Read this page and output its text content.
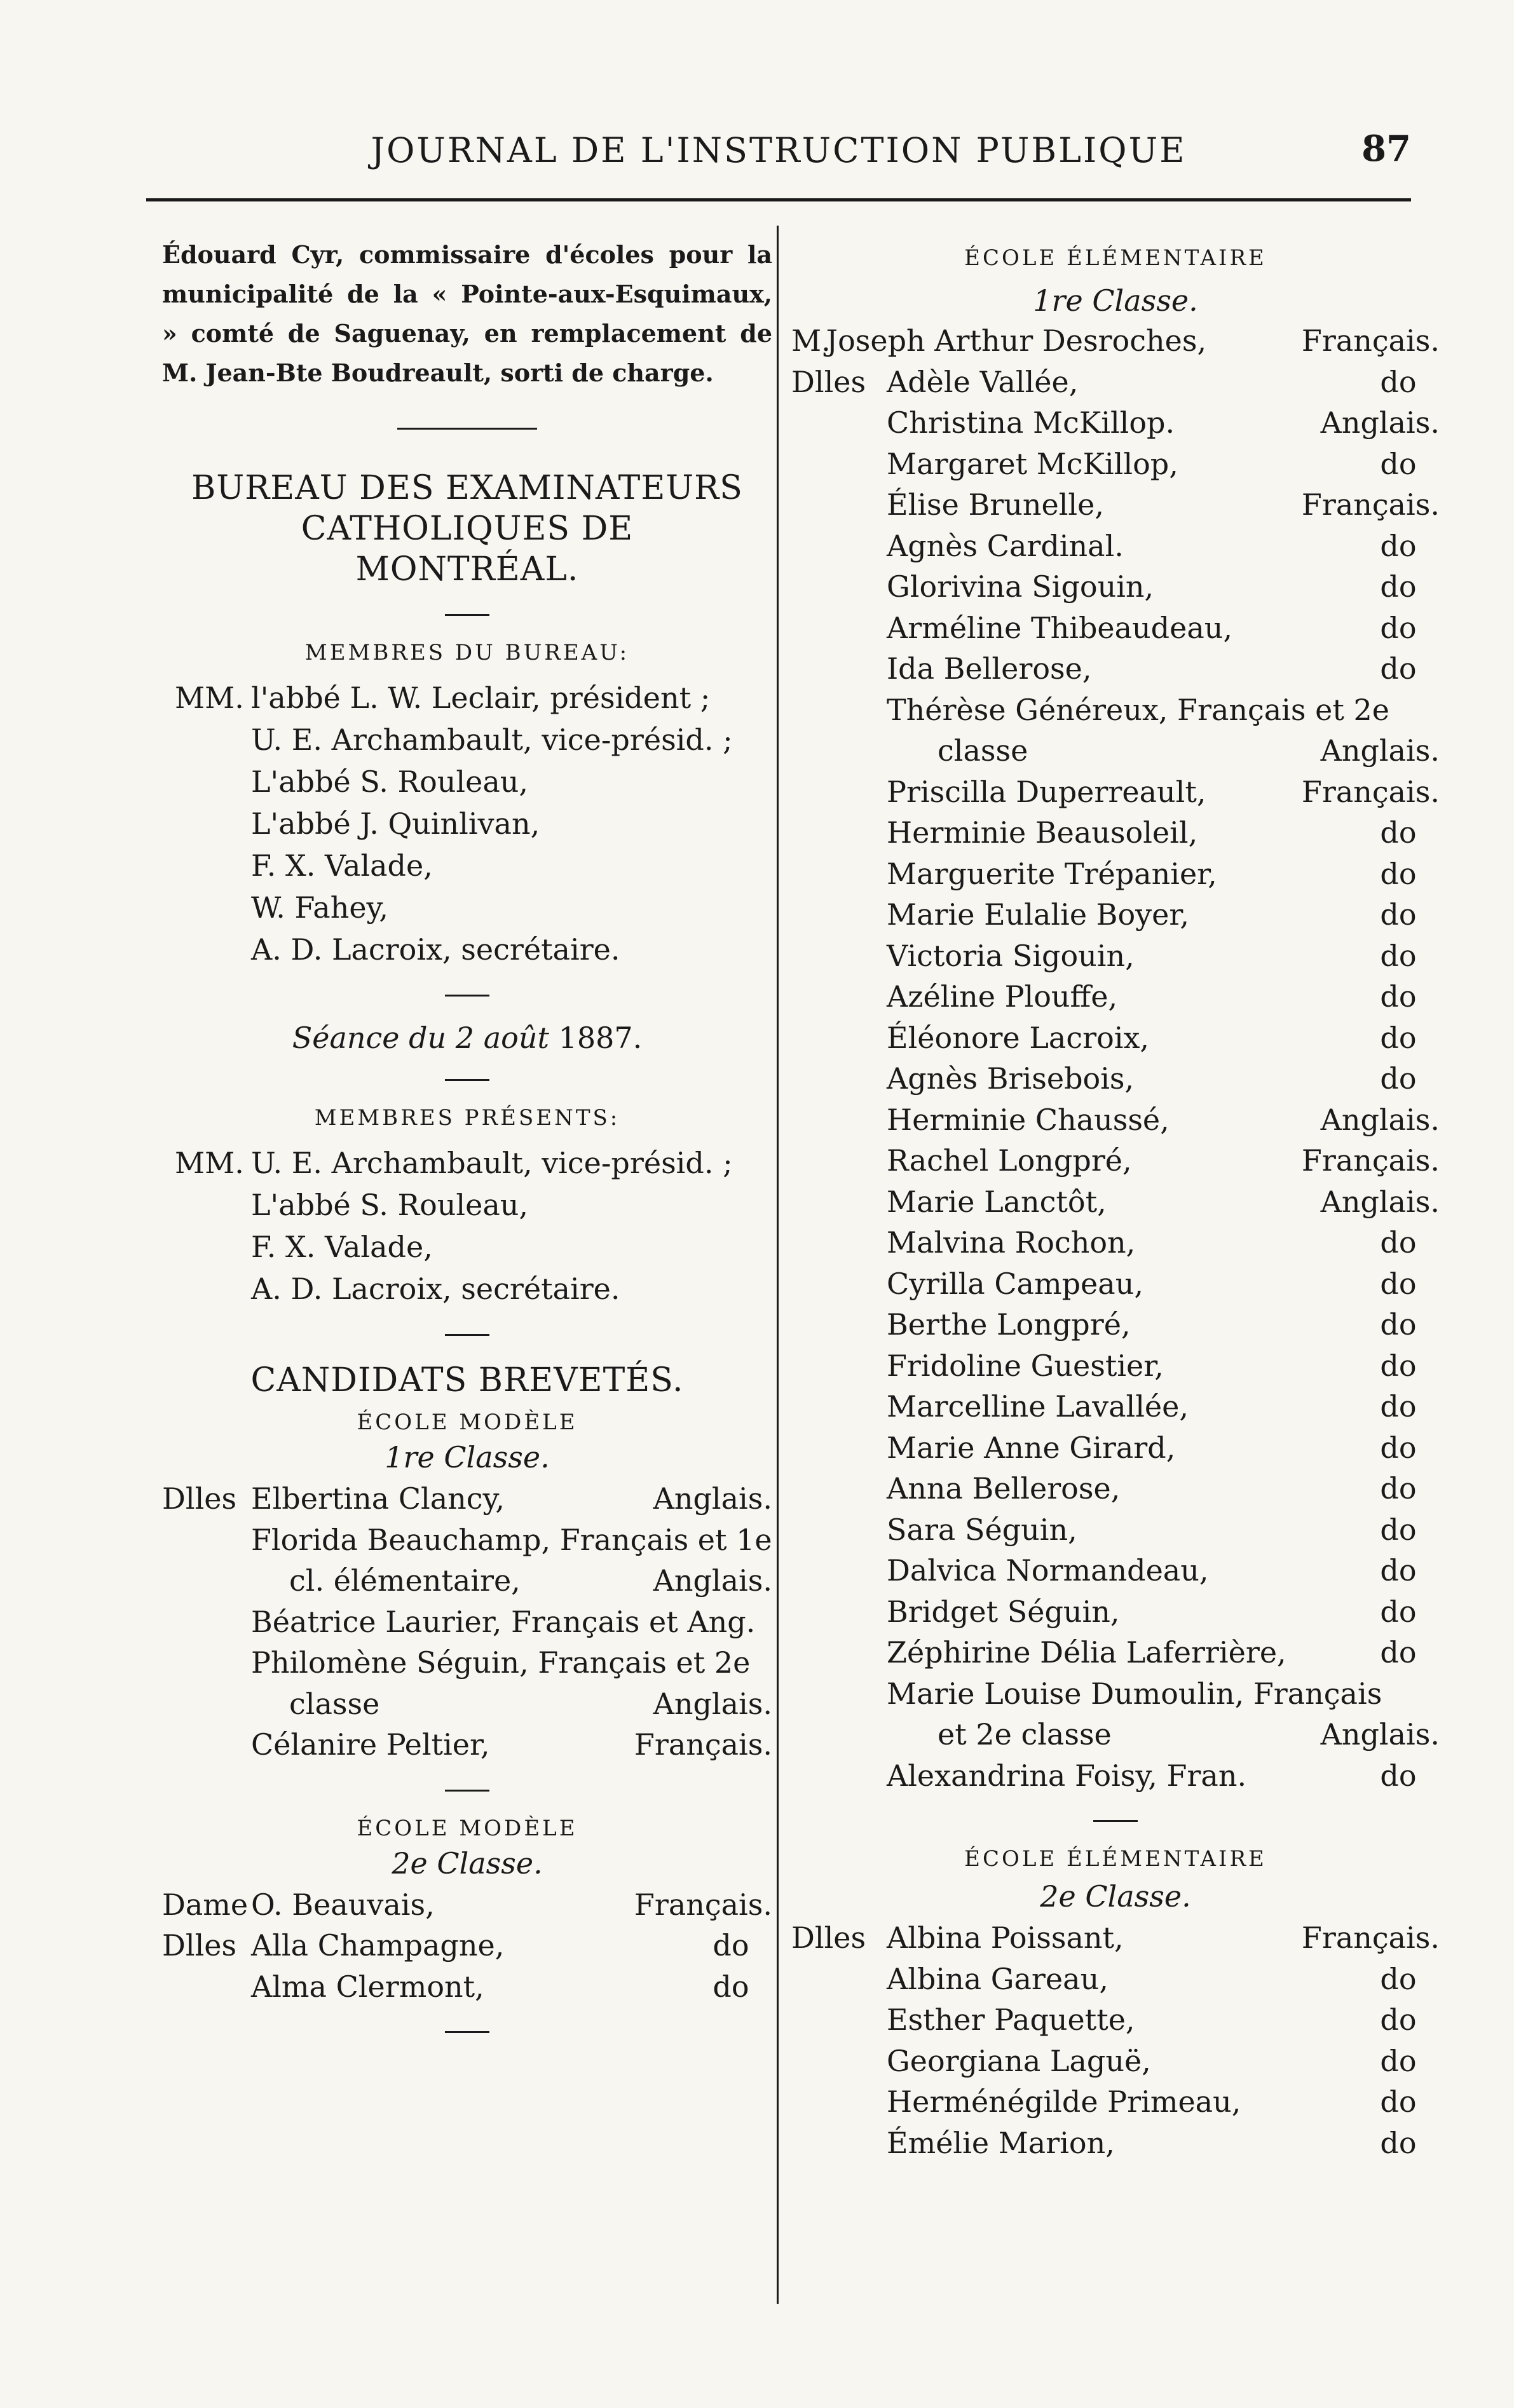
JOURNAL DE L'INSTRUCTION PUBLIQUE	87

Édouard Cyr, commissaire d'écoles pour la municipalité de la « Pointe-aux-Esquimaux, » comté de Saguenay, en remplacement de M. Jean-Bte Boudreault, sorti de charge.

BUREAU DES EXAMINATEURS

CATHOLIQUES DE

MONTRÉAL.

MEMBRES DU BUREAU:

MM. l'abbé L. W. Leclair, président ;
U. E. Archambault, vice-présid. ;
L'abbé S. Rouleau,
L'abbé J. Quinlivan,
F. X. Valade,
W. Fahey,
A. D. Lacroix, secrétaire.

Séance du 2 août 1887.

MEMBRES PRÉSENTS:

MM. U. E. Archambault, vice-présid. ;
L'abbé S. Rouleau,
F. X. Valade,
A. D. Lacroix, secrétaire.

CANDIDATS BREVETÉS.

ÉCOLE MODÈLE

1re Classe.

Dlles Elbertina Clancy,	Anglais.
Florida Beauchamp, Français et 1e
cl. élémentaire,	Anglais.
Béatrice Laurier, Français et Ang.
Philomène Séguin, Français et 2e
classe	Anglais.
Célanire Peltier,	Français.

ÉCOLE MODÈLE

2e Classe.

Dame O. Beauvais,	Français.
Dlles Alla Champagne,	do
Alma Clermont,	do

ÉCOLE ÉLÉMENTAIRE

1re Classe.

M. Joseph Arthur Desroches,	Français.
Dlles Adèle Vallée,	do
Christina McKillop.	Anglais.
Margaret McKillop,	do
Élise Brunelle,	Français.
Agnès Cardinal.	do
Glorivina Sigouin,	do
Arméline Thibeaudeau,	do
Ida Bellerose,	do
Thérèse Généreux, Français et 2e
classe	Anglais.
Priscilla Duperreault,	Français.
Herminie Beausoleil,	do
Marguerite Trépanier,	do
Marie Eulalie Boyer,	do
Victoria Sigouin,	do
Azéline Plouffe,	do
Éléonore Lacroix,	do
Agnès Brisebois,	do
Herminie Chaussé,	Anglais.
Rachel Longpré,	Français.
Marie Lanctôt,	Anglais.
Malvina Rochon,	do
Cyrilla Campeau,	do
Berthe Longpré,	do
Fridoline Guestier,	do
Marcelline Lavallée,	do
Marie Anne Girard,	do
Anna Bellerose,	do
Sara Séguin,	do
Dalvica Normandeau,	do
Bridget Séguin,	do
Zéphirine Délia Laferrière,	do
Marie Louise Dumoulin, Français
et 2e classe	Anglais.
Alexandrina Foisy, Fran.	do

ÉCOLE ÉLÉMENTAIRE

2e Classe.

Dlles Albina Poissant,	Français.
Albina Gareau,	do
Esther Paquette,	do
Georgiana Laguë,	do
Herménégilde Primeau,	do
Émélie Marion,	do
